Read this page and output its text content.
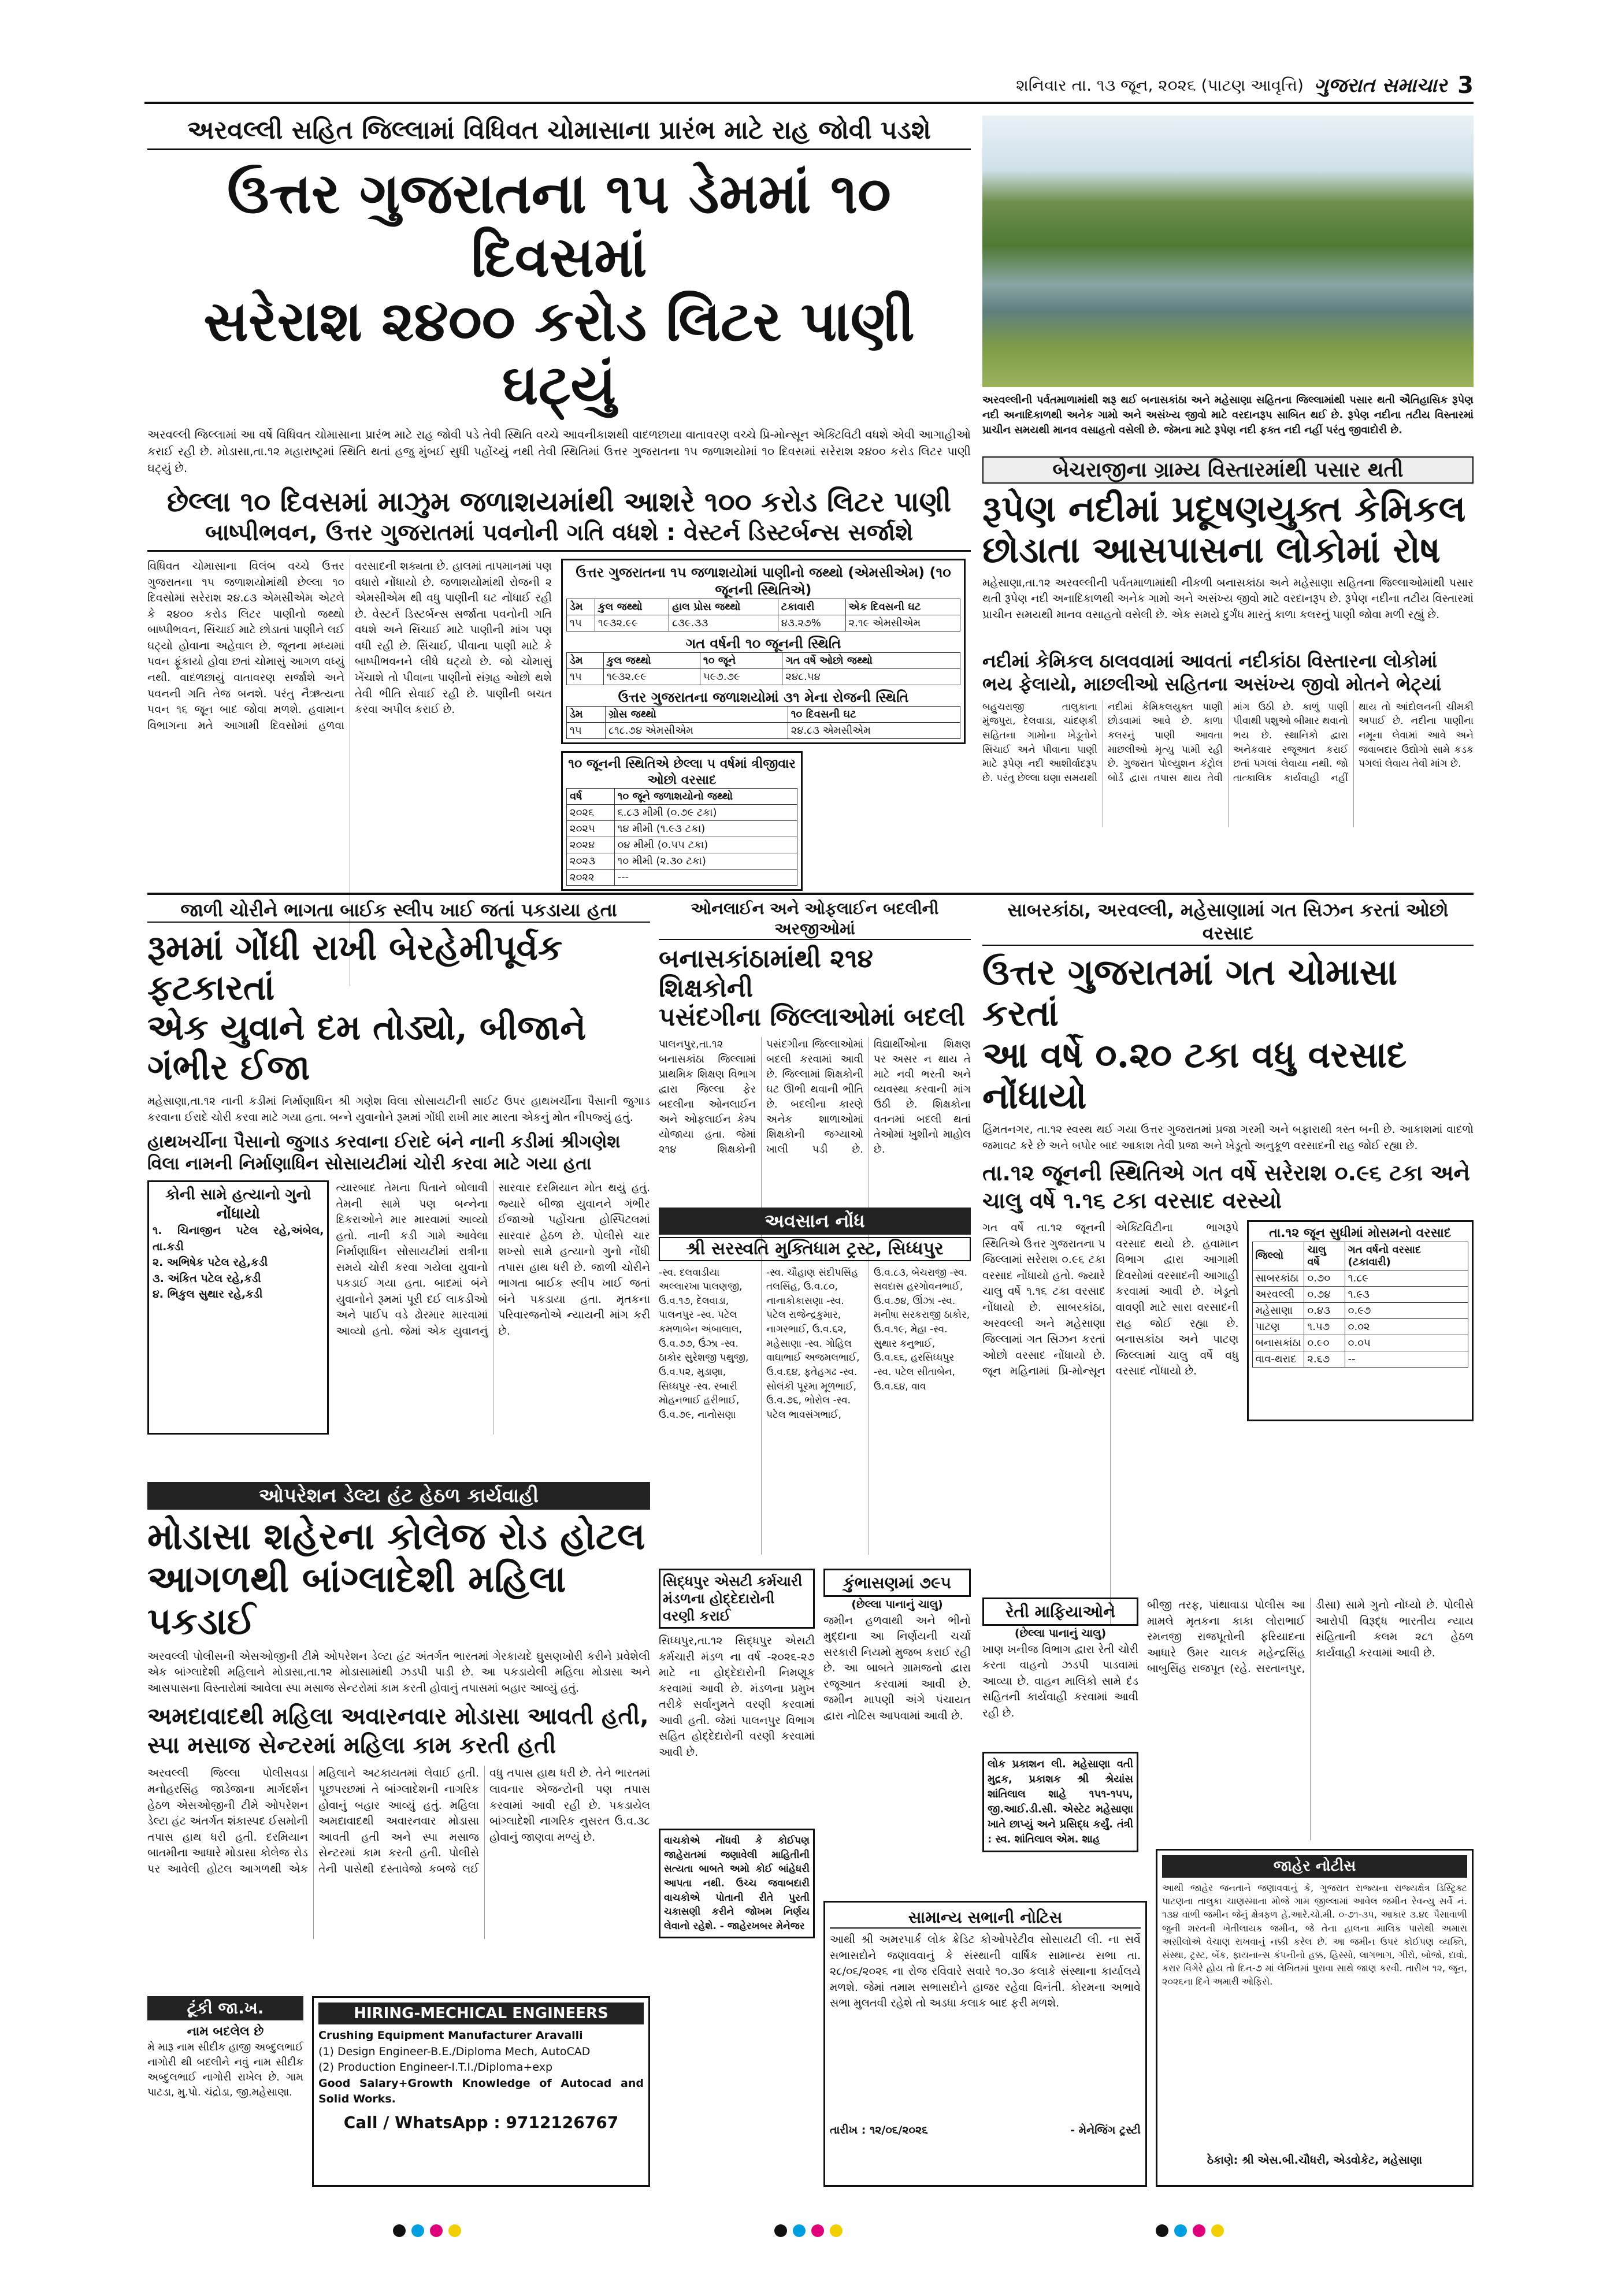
શનિવાર તા. ૧૩ જૂન, ૨૦૨૬ (પાટણ આવૃત્તિ) ગુજરાત સમાચાર 3
અરવલ્લી સહિત જિલ્લામાં વિધિવત ચોમાસાના પ્રારંભ માટે રાહ જોવી પડશે
ઉત્તર ગુજરાતના ૧૫ ડેમમાં ૧૦ દિવસમાં
સરેરાશ ૨૪૦૦ કરોડ લિટર પાણી ઘટ્યું
અરવલ્લી જિલ્લામાં આ વર્ષે વિધિવત ચોમાસાના પ્રારંભ માટે રાહ જોવી પડે તેવી સ્થિતિ વચ્ચે આવનીકાશથી વાદળછાયા વાતાવરણ વચ્ચે પ્રિ-મોન્સૂન એક્ટિવિટી વધશે એવી આગાહીઓ કરાઈ રહી છે. મોડાસા,તા.૧૨ મહારાષ્ટ્રમાં સ્થિતિ થતાં હજુ મુંબઈ સુધી પહોંચ્યું નથી તેવી સ્થિતિમાં ઉત્તર ગુજરાતના ૧૫ જળાશયોમાં ૧૦ દિવસમાં સરેરાશ ૨૪૦૦ કરોડ લિટર પાણી ઘટ્યું છે.
છેલ્લા ૧૦ દિવસમાં માઝુમ જળાશયમાંથી આશરે ૧૦૦ કરોડ લિટર પાણી
બાષ્પીભવન, ઉત્તર ગુજરાતમાં પવનોની ગતિ વધશે : વેસ્ટર્ન ડિસ્ટર્બન્સ સર્જાશે
વિધિવત ચોમાસાના વિલંબ વચ્ચે ઉત્તર ગુજરાતના ૧૫ જળાશયોમાંથી છેલ્લા ૧૦ દિવસોમાં સરેરાશ ૨૪.૮૩ એમસીએમ એટલે કે ૨૪૦૦ કરોડ લિટર પાણીનો જથ્થો બાષ્પીભવન, સિંચાઈ માટે છોડાતાં પાણીને લઈ ઘટ્યો હોવાના અહેવાલ છે. જૂનના મધ્યમાં પવન ફૂંકાયો હોવા છતાં ચોમાસું આગળ વધ્યું નથી. વાદળછાયું વાતાવરણ સર્જાશે અને પવનની ગતિ તેજ બનશે. પરંતુ નૈઋત્યના પવન ૧૬ જૂન બાદ જોવા મળશે. હવામાન વિભાગના મતે આગામી દિવસોમાં હળવા વરસાદની શક્યતા છે. હાલમાં તાપમાનમાં પણ વધારો નોંધાયો છે. જળાશયોમાંથી રોજની ૨ એમસીએમ થી વધુ પાણીની ઘટ નોંધાઈ રહી છે. વેસ્ટર્ન ડિસ્ટર્બન્સ સર્જાતા પવનોની ગતિ વધશે અને સિંચાઈ માટે પાણીની માંગ પણ વધી રહી છે. સિંચાઈ, પીવાના પાણી માટે કે બાષ્પીભવનને લીધે ઘટ્યો છે. જો ચોમાસું ખેંચાશે તો પીવાના પાણીનો સંગ્રહ ઓછો થશે તેવી ભીતિ સેવાઈ રહી છે. પાણીની બચત કરવા અપીલ કરાઈ છે.
ઉત્તર ગુજરાતના ૧૫ જળાશયોમાં પાણીનો જથ્થો (એમસીએમ) (૧૦ જૂનની સ્થિતિએ)
ડેમ	કુલ જથ્થો	હાલ પ્રોસ જથ્થો	ટકાવારી	એક દિવસની ઘટ
૧૫	૧૯૩૨.૯૯	૮૩૯.૩૩	૪૩.૨૭%	૨.૧૯ એમસીએમ
ગત વર્ષની ૧૦ જૂનની સ્થિતિ
ડેમ	કુલ જથ્થો	૧૦ જૂને	ગત વર્ષે ઓછો જથ્થો
૧૫	૧૯૩૨.૯૯	૫૯૭.૭૯	૨૪૮.૫૪
ઉત્તર ગુજરાતના જળાશયોમાં ૩૧ મેના રોજની સ્થિતિ
ડેમ	ગ્રોસ જથ્થો	૧૦ દિવસની ઘટ
૧૫	૮૧૮.૭૪ એમસીએમ	૨૪.૮૩ એમસીએમ
૧૦ જૂનની સ્થિતિએ છેલ્લા ૫ વર્ષમાં ત્રીજીવાર ઓછો વરસાદ
વર્ષ	૧૦ જૂને જળાશયોનો જથ્થો
૨૦૨૬	૬.૮૩ મીમી (૦.૭૯ ટકા)
૨૦૨૫	૧૪ મીમી (૧.૯૩ ટકા)
૨૦૨૪	૦૪ મીમી (૦.૫૫ ટકા)
૨૦૨૩	૧૦ મીમી (૨.૩૦ ટકા)
૨૦૨૨	---
અરવલ્લીની પર્વતમાળામાંથી શરૂ થઈ બનાસકાંઠા અને મહેસાણા સહિતના જિલ્લામાંથી પસાર થતી ઐતિહાસિક રૂપેણ નદી અનાદિકાળથી અનેક ગામો અને અસંખ્ય જીવો માટે વરદાનરૂપ સાબિત થઈ છે. રૂપેણ નદીના તટીય વિસ્તારમાં પ્રાચીન સમયથી માનવ વસાહતો વસેલી છે. જેમના માટે રૂપેણ નદી ફક્ત નદી નહીં પરંતુ જીવાદોરી છે.
બેચરાજીના ગ્રામ્ય વિસ્તારમાંથી પસાર થતી
રૂપેણ નદીમાં પ્રદૂષણયુક્ત કેમિકલ
છોડાતા આસપાસના લોકોમાં રોષ
મહેસાણા,તા.૧૨ અરવલ્લીની પર્વતમાળામાંથી નીકળી બનાસકાંઠા અને મહેસાણા સહિતના જિલ્લાઓમાંથી પસાર થતી રૂપેણ નદી અનાદિકાળથી અનેક ગામો અને અસંખ્ય જીવો માટે વરદાનરૂપ છે. રૂપેણ નદીના તટીય વિસ્તારમાં પ્રાચીન સમયથી માનવ વસાહતો વસેલી છે. એક સમયે દુર્ગંધ મારતું કાળા કલરનું પાણી જોવા મળી રહ્યું છે.
નદીમાં કેમિકલ ઠાલવવામાં આવતાં નદીકાંઠા વિસ્તારના લોકોમાં ભય ફેલાયો, માછલીઓ સહિતના અસંખ્ય જીવો મોતને ભેટ્યાં
બહુચરાજી તાલુકાના મુંજપુરા, દેલવાડા, ચાંદણકી સહિતના ગામોના ખેડૂતોને સિંચાઈ અને પીવાના પાણી માટે રૂપેણ નદી આશીર્વાદરૂપ છે. પરંતુ છેલ્લા ઘણા સમયથી નદીમાં કેમિકલયુક્ત પાણી છોડવામાં આવે છે. કાળા કલરનું પાણી આવતા માછલીઓ મૃત્યુ પામી રહી છે. ગુજરાત પોલ્યુશન કંટ્રોલ બોર્ડ દ્વારા તપાસ થાય તેવી માંગ ઉઠી છે. કાળું પાણી પીવાથી પશુઓ બીમાર થવાનો ભય છે. સ્થાનિકો દ્વારા અનેકવાર રજૂઆત કરાઈ છતાં પગલાં લેવાયા નથી. જો તાત્કાલિક કાર્યવાહી નહીં થાય તો આંદોલનની ચીમકી અપાઈ છે. નદીના પાણીના નમૂના લેવામાં આવે અને જવાબદાર ઉદ્યોગો સામે કડક પગલાં લેવાય તેવી માંગ છે.
જાળી ચોરીને ભાગતા બાઈક સ્લીપ ખાઈ જતાં પકડાયા હતા
રૂમમાં ગોંધી રાખી બેરહેમીપૂર્વક ફટકારતાં
એક યુવાને દમ તોડ્યો, બીજાને ગંભીર ઈજા
મહેસાણા,તા.૧૨ નાની કડીમાં નિર્માણાધિન શ્રી ગણેશ વિલા સોસાયટીની સાઈટ ઉપર હાથખર્ચીના પૈસાની જુગાડ કરવાના ઈરાદે ચોરી કરવા માટે ગયા હતા. બન્ને યુવાનોને રૂમમાં ગોંધી રાખી માર મારતા એકનું મોત નીપજ્યું હતું.
હાથખર્ચીના પૈસાનો જુગાડ કરવાના ઈરાદે બંને નાની કડીમાં શ્રીગણેશ વિલા નામની નિર્માણાધિન સોસાયટીમાં ચોરી કરવા માટે ગયા હતા
કોની સામે હત્યાનો ગુનો નોંધાયો
૧. ચિનાજીન પટેલ રહે,અંબેલ, તા.કડી
૨. અભિષેક પટેલ રહે,કડી
૩. અંકિત પટેલ રહે,કડી
૪. ભિકુલ સુથાર રહે,કડી
ત્યારબાદ તેમના પિતાને બોલાવી તેમની સામે પણ બન્નેના દિકરાઓને માર મારવામાં આવ્યો હતો. નાની કડી ગામે આવેલા નિર્માણાધિન સોસાયટીમાં રાત્રીના સમયે ચોરી કરવા ગયેલા યુવાનો પકડાઈ ગયા હતા. બાદમાં બંને યુવાનોને રૂમમાં પૂરી દઈ લાકડીઓ અને પાઈપ વડે ઢોરમાર મારવામાં આવ્યો હતો. જેમાં એક યુવાનનું સારવાર દરમિયાન મોત થયું હતું. જ્યારે બીજા યુવાનને ગંભીર ઈજાઓ પહોંચતા હોસ્પિટલમાં સારવાર હેઠળ છે. પોલીસે ચાર શખ્સો સામે હત્યાનો ગુનો નોંધી તપાસ હાથ ધરી છે. જાળી ચોરીને ભાગતા બાઈક સ્લીપ ખાઈ જતાં બંને પકડાયા હતા. મૃતકના પરિવારજનોએ ન્યાયની માંગ કરી છે.
ઓનલાઈન અને ઓફલાઈન બદલીની અરજીઓમાં
બનાસકાંઠામાંથી ૨૧૪ શિક્ષકોની
પસંદગીના જિલ્લાઓમાં બદલી
પાલનપુર,તા.૧૨ બનાસકાંઠા જિલ્લામાં પ્રાથમિક શિક્ષણ વિભાગ દ્વારા જિલ્લા ફેર બદલીના ઓનલાઈન અને ઓફલાઈન કેમ્પ યોજાયા હતા. જેમાં ૨૧૪ શિક્ષકોની પસંદગીના જિલ્લાઓમાં બદલી કરવામાં આવી છે. જિલ્લામાં શિક્ષકોની ઘટ ઊભી થવાની ભીતિ છે. બદલીના કારણે અનેક શાળાઓમાં શિક્ષકોની જગ્યાઓ ખાલી પડી છે. વિદ્યાર્થીઓના શિક્ષણ પર અસર ન થાય તે માટે નવી ભરતી અને વ્યવસ્થા કરવાની માંગ ઉઠી છે. શિક્ષકોના વતનમાં બદલી થતાં તેઓમાં ખુશીનો માહોલ છે.
અવસાન નોંધ
શ્રી સરસ્વતિ મુક્તિધામ ટ્રસ્ટ, સિધ્ધપુર
-સ્વ. દલવાડીયા અલ્લારખા પાલણજી, ઉ.વ.૧૭, દેલવાડા, પાલનપુર -સ્વ. પટેલ કમળાબેન અંબાલાલ, ઉ.વ.૭૭, ઉંઝા -સ્વ. ઠાકોર સુરેશજી પથુજી, ઉ.વ.૫૨, મુડાણા, સિધ્ધપુર -સ્વ. રબારી મોહનભાઈ હરીભાઈ, ઉ.વ.૭૯, નાનોસણા -સ્વ. ચૌહાણ સંદીપસિંહ તલસિંહ, ઉ.વ.૮૦, નાનાકોકાસણા -સ્વ. પટેલ રાજેન્દ્રકુમાર, નાગરભાઈ, ઉ.વ.૬૨, મહેસાણા -સ્વ. ગોહિલ વાઘાભાઈ અજમલભાઈ, ઉ.વ.૬૪, ફતેહગઢ -સ્વ. સોલંકી પૂરમા મૂળભાઈ, ઉ.વ.૭૬, ભોરોલ -સ્વ. પટેલ ભાવસંગભાઈ, ઉ.વ.૮૩, બેચરાજી -સ્વ. સવદાસ હરગોવનભાઈ, ઉ.વ.૭૪, ઊંઝા -સ્વ. મનીષા સરકરાજી ઠાકોર, ઉ.વ.૧૯, મેહા -સ્વ. સુથાર કનુભાઈ, ઉ.વ.૬૬, હરસિધ્ધપુર -સ્વ. પટેલ સીતાબેન, ઉ.વ.૬૪, વાવ
સાબરકાંઠા, અરવલ્લી, મહેસાણામાં ગત સિઝન કરતાં ઓછો વરસાદ
ઉત્તર ગુજરાતમાં ગત ચોમાસા કરતાં
આ વર્ષે ૦.૨૦ ટકા વધુ વરસાદ નોંધાયો
હિંમતનગર, તા.૧૨ સ્વસ્થ થઈ ગયા ઉત્તર ગુજરાતમાં પ્રજા ગરમી અને બફારાથી ત્રસ્ત બની છે. આકાશમાં વાદળો જમાવટ કરે છે અને બપોર બાદ આકાશ તેવી પ્રજા અને ખેડૂતો અનુકૂળ વરસાદની રાહ જોઈ રહ્યા છે.
તા.૧૨ જૂનની સ્થિતિએ ગત વર્ષે સરેરાશ ૦.૯૬ ટકા અને ચાલુ વર્ષે ૧.૧૬ ટકા વરસાદ વરસ્યો
ગત વર્ષે તા.૧૨ જૂનની સ્થિતિએ ઉત્તર ગુજરાતના પ જિલ્લામાં સરેરાશ ૦.૯૬ ટકા વરસાદ નોંધાયો હતો. જ્યારે ચાલુ વર્ષે ૧.૧૬ ટકા વરસાદ નોંધાયો છે. સાબરકાંઠા, અરવલ્લી અને મહેસાણા જિલ્લામાં ગત સિઝન કરતાં ઓછો વરસાદ નોંધાયો છે. જૂન મહિનામાં પ્રિ-મોન્સૂન એક્ટિવિટીના ભાગરૂપે વરસાદ થયો છે. હવામાન વિભાગ દ્વારા આગામી દિવસોમાં વરસાદની આગાહી કરવામાં આવી છે. ખેડૂતો વાવણી માટે સારા વરસાદની રાહ જોઈ રહ્યા છે. બનાસકાંઠા અને પાટણ જિલ્લામાં ચાલુ વર્ષે વધુ વરસાદ નોંધાયો છે.
તા.૧૨ જૂન સુધીમાં મોસમનો વરસાદ
જિલ્લો	ચાલુ વર્ષે	ગત વર્ષનો વરસાદ (ટકાવારી)
સાબરકાંઠા	૦.૭૦	૧.૮૯
અરવલ્લી	૦.૭૪	૧.૯૩
મહેસાણા	૦.૪૩	૦.૯૭
પાટણ	૧.૫૭	૦.૦૨
બનાસકાંઠા	૦.૯૦	૦.૦૫
વાવ-થરાદ	૨.૬૭	--
ઓપરેશન ડેલ્ટા હંટ હેઠળ કાર્યવાહી
મોડાસા શહેરના કોલેજ રોડ હોટલ
આગળથી બાંગ્લાદેશી મહિલા પકડાઈ
અરવલ્લી પોલીસની એસઓજીની ટીમે ઓપરેશન ડેલ્ટા હંટ અંતર્ગત ભારતમાં ગેરકાયદે ઘુસણખોરી કરીને પ્રવેશેલી એક બાંગ્લાદેશી મહિલાને મોડાસા,તા.૧૨ મોડાસામાંથી ઝડપી પાડી છે. આ પકડાયેલી મહિલા મોડાસા અને આસપાસના વિસ્તારોમાં આવેલા સ્પા મસાજ સેન્ટરોમાં કામ કરતી હોવાનું તપાસમાં બહાર આવ્યું હતું.
અમદાવાદથી મહિલા અવારનવાર મોડાસા આવતી હતી, સ્પા મસાજ સેન્ટરમાં મહિલા કામ કરતી હતી
અરવલ્લી જિલ્લા પોલીસવડા મનોહરસિંહ જાડેજાના માર્ગદર્શન હેઠળ એસઓજીની ટીમે ઓપરેશન ડેલ્ટા હંટ અંતર્ગત શંકાસ્પદ ઈસમોની તપાસ હાથ ધરી હતી. દરમિયાન બાતમીના આધારે મોડાસા કોલેજ રોડ પર આવેલી હોટલ આગળથી એક મહિલાને અટકાયતમાં લેવાઈ હતી. પૂછપરછમાં તે બાંગ્લાદેશની નાગરિક હોવાનું બહાર આવ્યું હતું. મહિલા અમદાવાદથી અવારનવાર મોડાસા આવતી હતી અને સ્પા મસાજ સેન્ટરમાં કામ કરતી હતી. પોલીસે તેની પાસેથી દસ્તાવેજો કબજે લઈ વધુ તપાસ હાથ ધરી છે. તેને ભારતમાં લાવનાર એજન્ટોની પણ તપાસ કરવામાં આવી રહી છે. પકડાયેલ બાંગ્લાદેશી નાગરિક નુસરત ઉ.વ.૩૮ હોવાનું જાણવા મળ્યું છે.
ટૂંકી જા.ખ.
નામ બદલેલ છે
મે મારૂ નામ સીદીક હાજી અબ્દુલભાઈ નાગોરી થી બદલીને નવું નામ સીદીક અબ્દુલભાઈ નાગોરી રાખેલ છે. ગામ પાટડા, મુ.પો. ચંદ્રોડા, જી.મહેસાણા.
HIRING-MECHICAL ENGINEERS
Crushing Equipment Manufacturer Aravalli
(1) Design Engineer-B.E./Diploma Mech, AutoCAD
(2) Production Engineer-I.T.I./Diploma+exp
Good Salary+Growth Knowledge of Autocad and Solid Works.
Call / WhatsApp : 9712126767
સિદ્ધપુર એસટી કર્મચારી મંડળના હોદ્દેદારોની વરણી કરાઈ
સિધ્ધપુર,તા.૧૨ સિદ્ધપુર એસટી કર્મચારી મંડળ ના વર્ષ -૨૦૨૬-૨૭ માટે ના હોદ્દેદારોની નિમણૂક કરવામાં આવી છે. મંડળના પ્રમુખ તરીકે સર્વાનુમતે વરણી કરવામાં આવી હતી. જેમાં પાલનપુર વિભાગ સહિત હોદ્દેદારોની વરણી કરવામાં આવી છે.
વાચકોએ નોંધવી કે કોઈપણ જાહેરાતમાં જણાવેલી માહિતીની સત્યતા બાબતે અમો કોઈ બાંહેધરી આપતા નથી. ઉચ્ચ જવાબદારી વાચકોએ પોતાની રીતે પુરતી ચકાસણી કરીને જોખમ નિર્ણય લેવાનો રહેશે. - જાહેરખબર મેનેજર
કુંભાસણમાં ૭૯૫
(છેલ્લા પાનાનું ચાલુ)
જમીન હળવાથી અને ભીનો મુદ્દાના આ નિર્ણયની ચર્ચા સરકારી નિયમો મુજબ કરાઈ રહી છે. આ બાબતે ગ્રામજનો દ્વારા રજૂઆત કરવામાં આવી છે. જમીન માપણી અંગે પંચાયત દ્વારા નોટિસ આપવામાં આવી છે.
સામાન્ય સભાની નોટિસ
આથી શ્રી અમરપાર્ક લોક ક્રેડિટ કોઓપરેટીવ સોસાયટી લી. ના સર્વે સભાસદોને જણાવવાનું કે સંસ્થાની વાર્ષિક સામાન્ય સભા તા. ૨૮/૦૬/૨૦૨૬ ના રોજ રવિવારે સવારે ૧૦.૩૦ કલાકે સંસ્થાના કાર્યાલયે મળશે. જેમાં તમામ સભાસદોને હાજર રહેવા વિનંતી. કોરમના અભાવે સભા મુલતવી રહેશે તો અડધા કલાક બાદ ફરી મળશે.
તારીખ : ૧૨/૦૬/૨૦૨૬	- મેનેજિંગ ટ્રસ્ટી
રેતી માફિયાઓને
(છેલ્લા પાનાનું ચાલુ)
ખાણ ખનીજ વિભાગ દ્વારા રેતી ચોરી કરતા વાહનો ઝડપી પાડવામાં આવ્યા છે. વાહન માલિકો સામે દંડ સહિતની કાર્યવાહી કરવામાં આવી રહી છે.
લોક પ્રકાશન લી. મહેસાણા વતી મુદ્રક, પ્રકાશક શ્રી શ્રેયાંસ શાંતિલાલ શાહે ૧૫૧-૧૫૫, જી.આઈ.ડી.સી. એસ્ટેટ મહેસાણા ખાતે છાપ્યું અને પ્રસિદ્ધ કર્યું. તંત્રી : સ્વ. શાંતિલાલ એમ. શાહ
બીજી તરફ, પાંથાવાડા પોલીસ આ મામલે મૃતકના કાકા લોરાભાઈ રમનજી રાજપૂતોની ફરિયાદના આધારે ઉમર ચાલક મહેન્દ્રસિંહ બાબુસિંહ રાજપૂત (રહે. સરતાનપુર, ડીસા) સામે ગુનો નોંધ્યો છે. પોલીસે આરોપી વિરૂદ્ધ ભારતીય ન્યાય સંહિતાની કલમ ૨૮૧ હેઠળ કાર્યવાહી કરવામાં આવી છે.
જાહેર નોટીસ
આથી જાહેર જનતાને જણાવવાનું કે, ગુજરાત રાજ્યના રાજ્યક્ષેત્ર ડિસ્ટ્રિક્ટ પાટણના તાલુકા ચાણસ્માના મોજે ગામ જીલ્લામાં આવેલ જમીન રેવન્યુ સર્વે નં. ૧૩૪ વાળી જમીન જેનું ક્ષેત્રફળ હે.આરે.ચો.મી. ૦-૭૧-૩૫, આકાર ૩.૪૯ પૈસાવાળી જુની શરતની ખેતીલાયક જમીન, જે તેના હાલના માલિક પાસેથી અમારા અસીલોએ વેચાણ રાખવાનું નક્કી કરેલ છે. આ જમીન ઉપર કોઈપણ વ્યક્તિ, સંસ્થા, ટ્રસ્ટ, બેંક, ફાયનાન્સ કંપનીનો હક્ક, હિસ્સો, લાગભાગ, ગીરો, બોજો, દાવો, કરાર વિગેરે હોય તો દિન-૭ માં લેખિતમાં પુરાવા સાથે જાણ કરવી. તારીખ ૧૨, જૂન, ૨૦૨૬ના દિને અમારી ઓફિસે.
ઠેકાણે: શ્રી એસ.બી.ચૌધરી, એડવોકેટ, મહેસાણા
